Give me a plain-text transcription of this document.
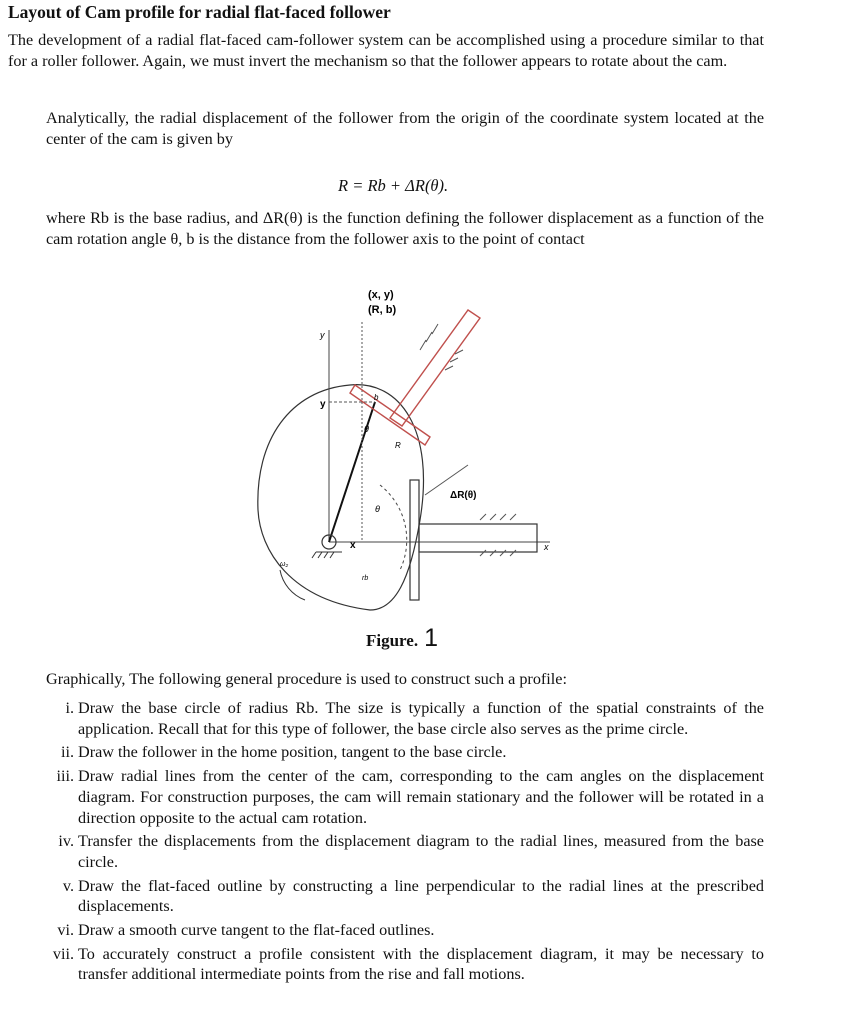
Layout of Cam profile for radial flat-faced follower
The development of a radial flat-faced cam-follower system can be accomplished using a procedure similar to that for a roller follower. Again, we must invert the mechanism so that the follower appears to rotate about the cam.
Analytically, the radial displacement of the follower from the origin of the coordinate system located at the center of the cam is given by
R = Rb + ΔR(θ).
where Rb is the base radius, and ΔR(θ) is the function defining the follower displacement as a function of the cam rotation angle θ, b is the distance from the follower axis to the point of contact
(x, y)
(R, b)
y
y
b
θ
R
ΔR(θ)
θ
x	x
ω₂
rb
Figure. 1
Graphically, The following general procedure is used to construct such a profile:
i. Draw the base circle of radius Rb. The size is typically a function of the spatial constraints of the application. Recall that for this type of follower, the base circle also serves as the prime circle.
ii. Draw the follower in the home position, tangent to the base circle.
iii. Draw radial lines from the center of the cam, corresponding to the cam angles on the displacement diagram. For construction purposes, the cam will remain stationary and the follower will be rotated in a direction opposite to the actual cam rotation.
iv. Transfer the displacements from the displacement diagram to the radial lines, measured from the base circle.
v. Draw the flat-faced outline by constructing a line perpendicular to the radial lines at the prescribed displacements.
vi. Draw a smooth curve tangent to the flat-faced outlines.
vii. To accurately construct a profile consistent with the displacement diagram, it may be necessary to transfer additional intermediate points from the rise and fall motions.
